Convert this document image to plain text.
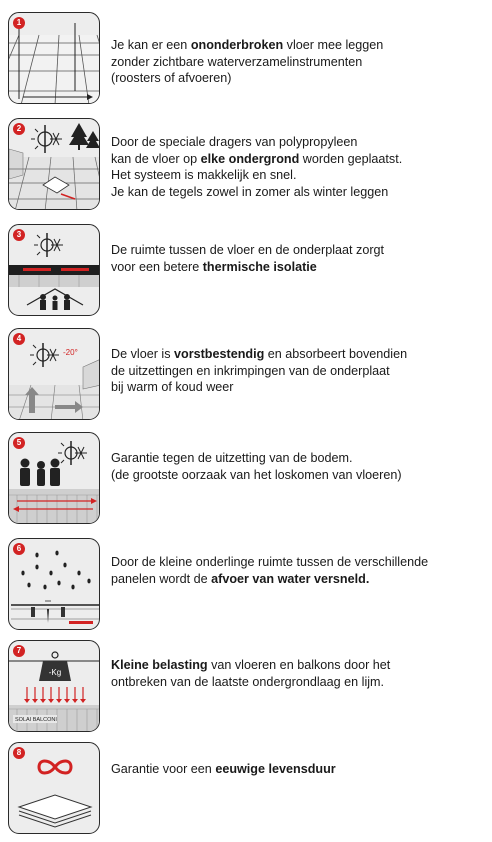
1
Je kan er een ononderbroken vloer mee leggen
zonder zichtbare waterverzamelinstrumenten
(roosters of afvoeren)
2
Door de speciale dragers van polypropyleen
kan de vloer op elke ondergrond worden geplaatst.
Het systeem is makkelijk en snel.
Je kan de tegels zowel in zomer als winter leggen
3
De ruimte tussen de vloer en de onderplaat zorgt
voor een betere thermische isolatie
4
-20°	De vloer is vorstbestendig en absorbeert bovendien
de uitzettingen en inkrimpingen van de onderplaat
bij warm of koud weer
5
Garantie tegen de uitzetting van de bodem.
(de grootste oorzaak van het loskomen van vloeren)
6
Door de kleine onderlinge ruimte tussen de verschillende
panelen wordt de afvoer van water versneld.
7
-Kg
SOLAI BALCONI
Kleine belasting van vloeren en balkons door het
ontbreken van de laatste ondergrondlaag en lijm.
8
Garantie voor een eeuwige levensduur
